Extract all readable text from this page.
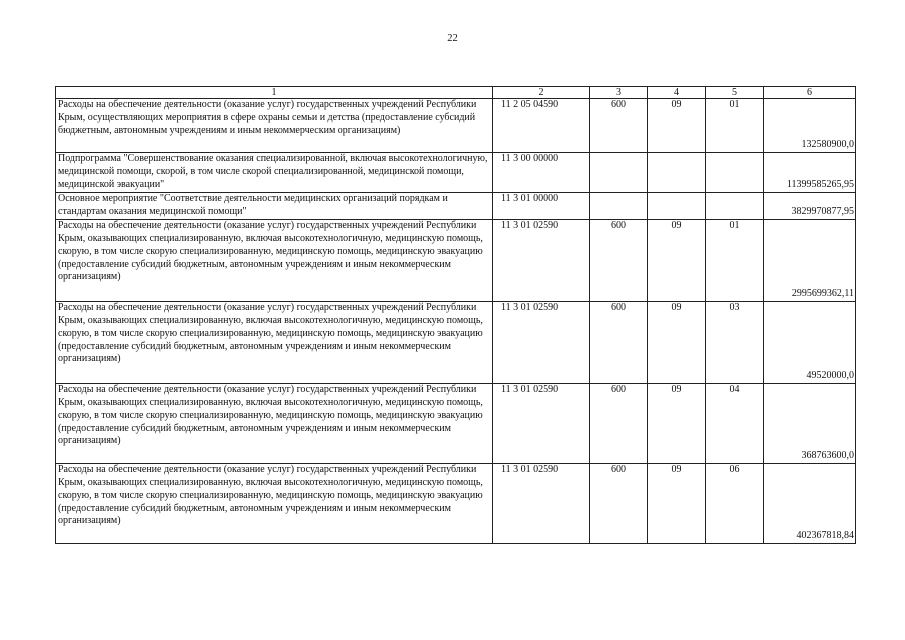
22
1	2	3	4	5	6
Расходы на обеспечение деятельности (оказание услуг) государственных учреждений Республики Крым, осуществляющих мероприятия в сфере охраны семьи и детства (предоставление субсидий бюджетным, автономным учреждениям и иным некоммерческим организациям)	11 2 05 04590	600	09	01	132580900,0
Подпрограмма "Совершенствование оказания специализированной, включая высокотехнологичную, медицинской помощи, скорой, в том числе скорой специализированной, медицинской помощи, медицинской эвакуации"	11 3 00 00000				11399585265,95
Основное мероприятие "Соответствие деятельности медицинских организаций порядкам и стандартам оказания медицинской помощи"	11 3 01 00000				3829970877,95
Расходы на обеспечение деятельности (оказание услуг) государственных учреждений Республики Крым, оказывающих специализированную, включая высокотехнологичную, медицинскую помощь, скорую, в том числе скорую специализированную, медицинскую помощь, медицинскую эвакуацию (предоставление субсидий бюджетным, автономным учреждениям и иным некоммерческим организациям)	11 3 01 02590	600	09	01	2995699362,11
Расходы на обеспечение деятельности (оказание услуг) государственных учреждений Республики Крым, оказывающих специализированную, включая высокотехнологичную, медицинскую помощь, скорую, в том числе скорую специализированную, медицинскую помощь, медицинскую эвакуацию (предоставление субсидий бюджетным, автономным учреждениям и иным некоммерческим организациям)	11 3 01 02590	600	09	03	49520000,0
Расходы на обеспечение деятельности (оказание услуг) государственных учреждений Республики Крым, оказывающих специализированную, включая высокотехнологичную, медицинскую помощь, скорую, в том числе скорую специализированную, медицинскую помощь, медицинскую эвакуацию (предоставление субсидий бюджетным, автономным учреждениям и иным некоммерческим организациям)	11 3 01 02590	600	09	04	368763600,0
Расходы на обеспечение деятельности (оказание услуг) государственных учреждений Республики Крым, оказывающих специализированную, включая высокотехнологичную, медицинскую помощь, скорую, в том числе скорую специализированную, медицинскую помощь, медицинскую эвакуацию (предоставление субсидий бюджетным, автономным учреждениям и иным некоммерческим организациям)	11 3 01 02590	600	09	06	402367818,84
